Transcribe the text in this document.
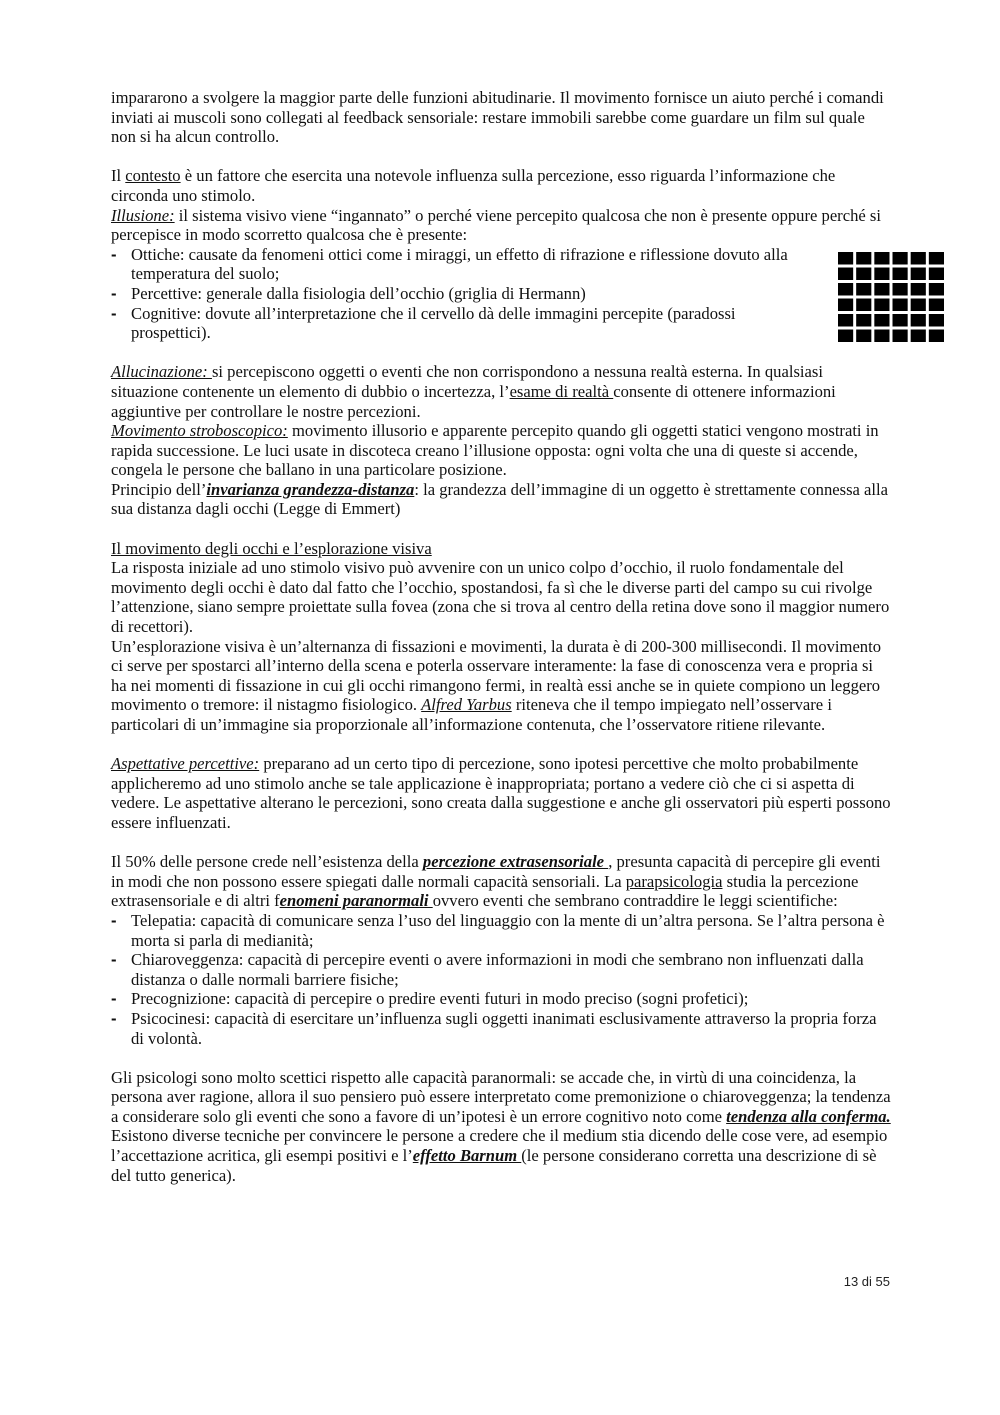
impararono a svolgere la maggior parte delle funzioni abitudinarie. Il movimento fornisce un aiuto perché i comandi inviati ai muscoli sono collegati al feedback sensoriale: restare immobili sarebbe come guardare un film sul quale non si ha alcun controllo.

Il contesto è un fattore che esercita una notevole influenza sulla percezione, esso riguarda l’informazione che circonda uno stimolo.

Illusione: il sistema visivo viene “ingannato” o perché viene percepito qualcosa che non è presente oppure perché si percepisce in modo scorretto qualcosa che è presente:

- Ottiche: causate da fenomeni ottici come i miraggi, un effetto di rifrazione e riflessione dovuto alla temperatura del suolo;
- Percettive: generale dalla fisiologia dell’occhio (griglia di Hermann)
- Cognitive: dovute all’interpretazione che il cervello dà delle immagini percepite (paradossi prospettici).

Allucinazione: si percepiscono oggetti o eventi che non corrispondono a nessuna realtà esterna. In qualsiasi situazione contenente un elemento di dubbio o incertezza, l’esame di realtà consente di ottenere informazioni aggiuntive per controllare le nostre percezioni.

Movimento stroboscopico: movimento illusorio e apparente percepito quando gli oggetti statici vengono mostrati in rapida successione. Le luci usate in discoteca creano l’illusione opposta: ogni volta che una di queste si accende, congela le persone che ballano in una particolare posizione.

Principio dell’invarianza grandezza-distanza: la grandezza dell’immagine di un oggetto è strettamente connessa alla sua distanza dagli occhi (Legge di Emmert)

Il movimento degli occhi e l’esplorazione visiva

La risposta iniziale ad uno stimolo visivo può avvenire con un unico colpo d’occhio, il ruolo fondamentale del movimento degli occhi è dato dal fatto che l’occhio, spostandosi, fa sì che le diverse parti del campo su cui rivolge l’attenzione, siano sempre proiettate sulla fovea (zona che si trova al centro della retina dove sono il maggior numero di recettori).

Un’esplorazione visiva è un’alternanza di fissazioni e movimenti, la durata è di 200-300 millisecondi. Il movimento ci serve per spostarci all’interno della scena e poterla osservare interamente: la fase di conoscenza vera e propria si ha nei momenti di fissazione in cui gli occhi rimangono fermi, in realtà essi anche se in quiete compiono un leggero movimento o tremore: il nistagmo fisiologico. Alfred Yarbus riteneva che il tempo impiegato nell’osservare i particolari di un’immagine sia proporzionale all’informazione contenuta, che l’osservatore ritiene rilevante.

Aspettative percettive: preparano ad un certo tipo di percezione, sono ipotesi percettive che molto probabilmente applicheremo ad uno stimolo anche se tale applicazione è inappropriata; portano a vedere ciò che ci si aspetta di vedere. Le aspettative alterano le percezioni, sono creata dalla suggestione e anche gli osservatori più esperti possono essere influenzati.

Il 50% delle persone crede nell’esistenza della percezione extrasensoriale , presunta capacità di percepire gli eventi in modi che non possono essere spiegati dalle normali capacità sensoriali. La parapsicologia studia la percezione extrasensoriale e di altri fenomeni paranormali ovvero eventi che sembrano contraddire le leggi scientifiche:

- Telepatia: capacità di comunicare senza l’uso del linguaggio con la mente di un’altra persona. Se l’altra persona è morta si parla di medianità;
- Chiaroveggenza: capacità di percepire eventi o avere informazioni in modi che sembrano non influenzati dalla distanza o dalle normali barriere fisiche;
- Precognizione: capacità di percepire o predire eventi futuri in modo preciso (sogni profetici);
- Psicocinesi: capacità di esercitare un’influenza sugli oggetti inanimati esclusivamente attraverso la propria forza di volontà.

Gli psicologi sono molto scettici rispetto alle capacità paranormali: se accade che, in virtù di una coincidenza, la persona aver ragione, allora il suo pensiero può essere interpretato come premonizione o chiaroveggenza; la tendenza a considerare solo gli eventi che sono a favore di un’ipotesi è un errore cognitivo noto come tendenza alla conferma.

Esistono diverse tecniche per convincere le persone a credere che il medium stia dicendo delle cose vere, ad esempio l’accettazione acritica, gli esempi positivi e l’effetto Barnum (le persone considerano corretta una descrizione di sè del tutto generica).

13 di 55
